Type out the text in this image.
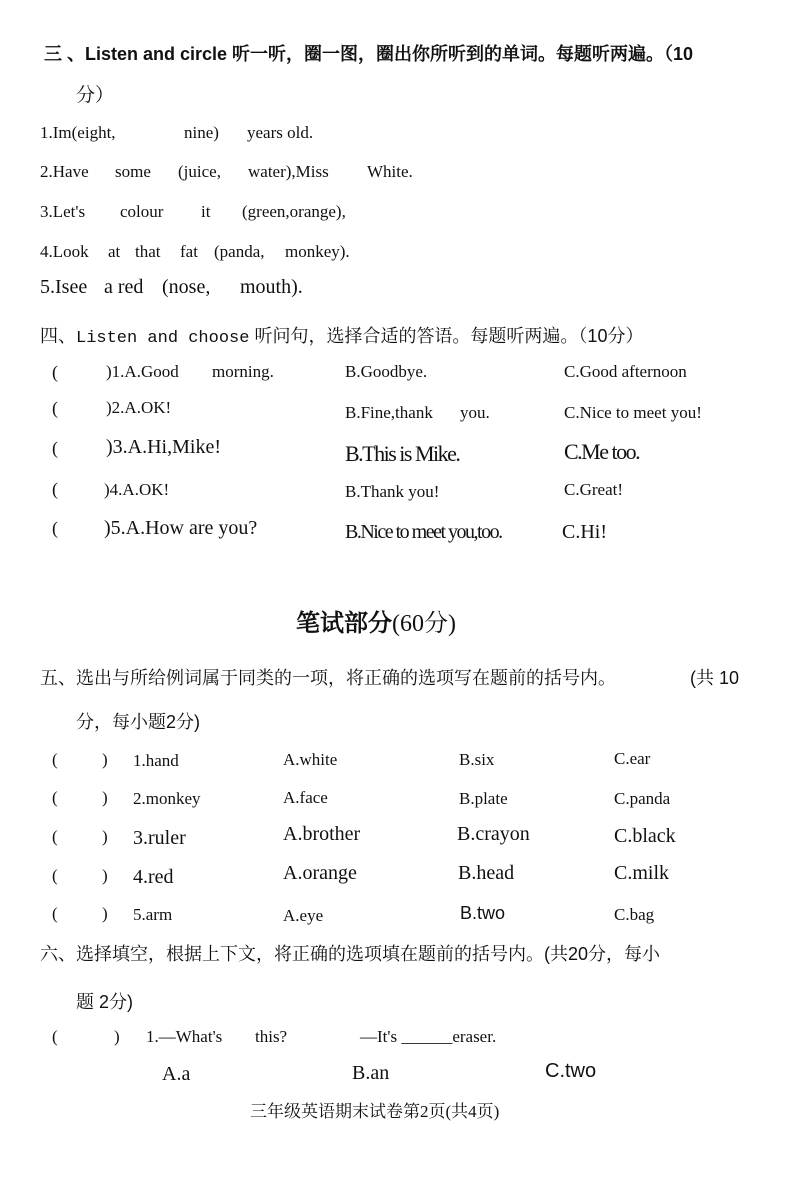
三 、Listen and circle 听一听，圈一图，圈出你所听到的单词。每题听两遍。（10
分）
1.Im(eight,	nine) years old.
2.Have some (juice, water),Miss White.
3.Let's colour it (green,orange),
4.Look at that fat (panda, monkey).
5.Isee a red (nose, mouth).
四、Listen and choose 听问句，选择合适的答语。每题听两遍。（10分）
(	)1.A.Good morning.	B.Goodbye.	C.Good afternoon
(	)2.A.OK!	B.Fine,thank you.	C.Nice to meet you!
( )3.A.Hi,Mike!	B.This is Mike.	C.Me too.
(	)4.A.OK!	B.Thank you!	C.Great!
( )5.A.How are you?	B.Nice to meet you,too.	C.Hi!
笔试部分(60分)
五、选出与所给例词属于同类的一项，将正确的选项写在题前的括号内。	(共 10
分，每小题2分)
(	) 1.hand	A.white	B.six	C.ear
(	) 2.monkey	A.face	B.plate	C.panda
(	) 3.ruler	A.brother	B.crayon	C.black
(	) 4.red	A.orange	B.head	C.milk
(	) 5.arm	A.eye	B.two	C.bag
六、选择填空，根据上下文，将正确的选项填在题前的括号内。(共20分，每小
题 2分)
(	) 1.—What's this?	—It's ______eraser.
A.a	B.an	C.two
三年级英语期末试卷第2页(共4页)
